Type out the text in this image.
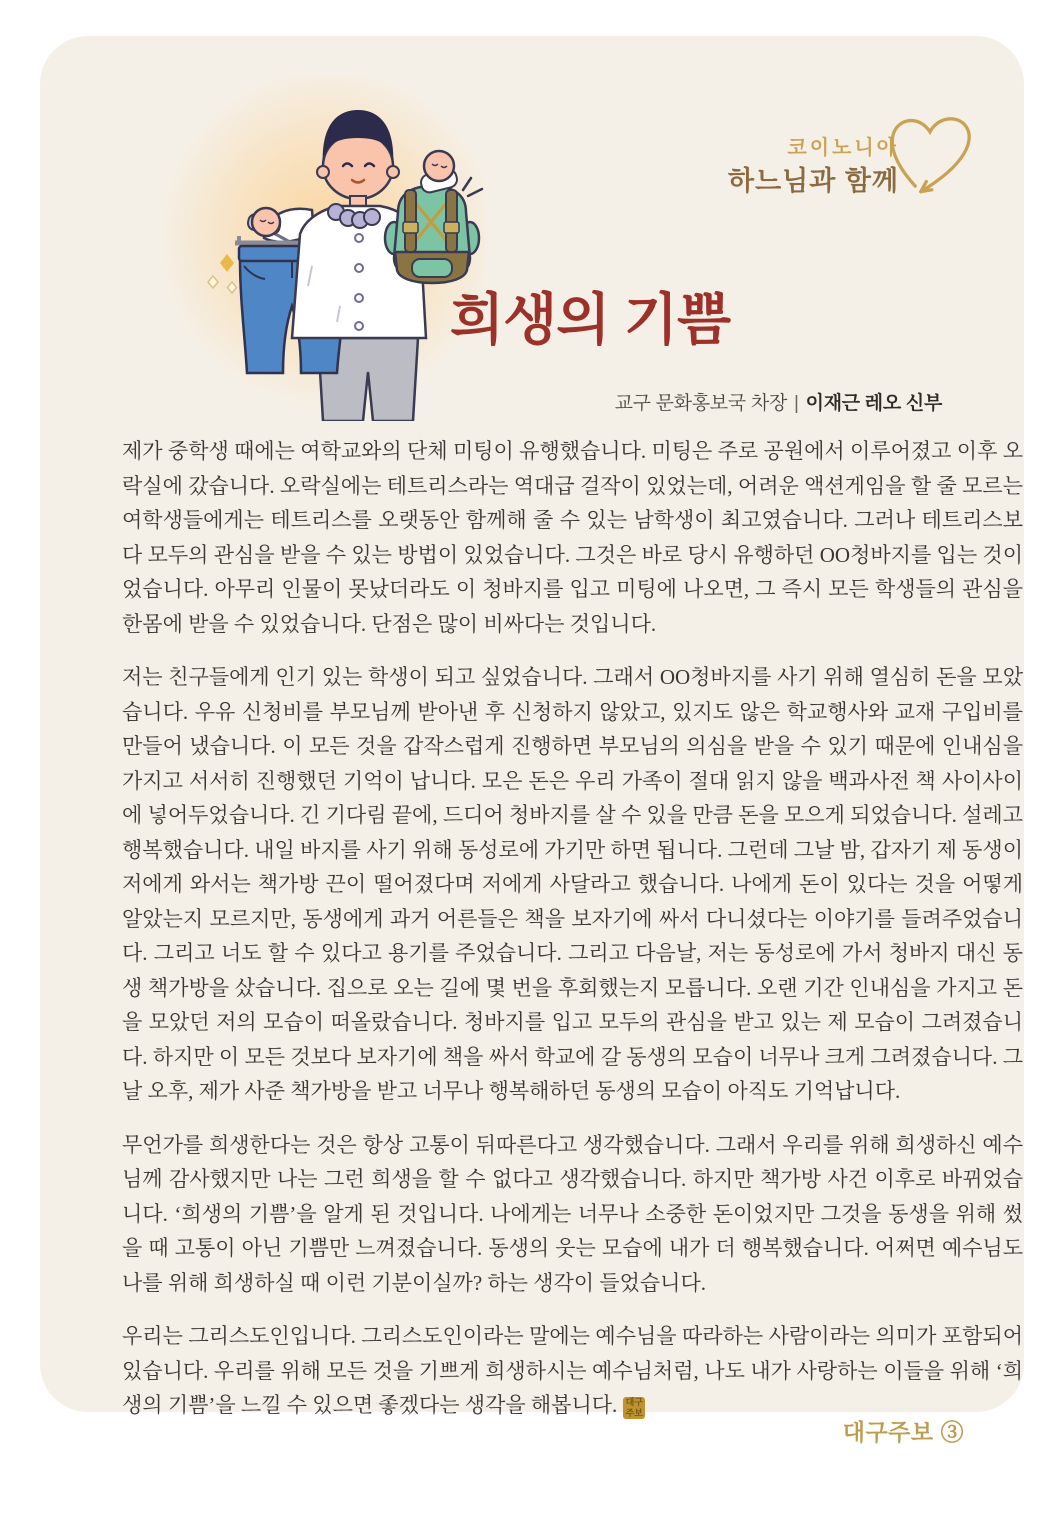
코이노니아
하느님과 함께
희생의 기쁨
교구 문화홍보국 차장 | 이재근 레오 신부

제가 중학생 때에는 여학교와의 단체 미팅이 유행했습니다. 미팅은 주로 공원에서 이루어졌고 이후 오락실에 갔습니다. 오락실에는 테트리스라는 역대급 걸작이 있었는데, 어려운 액션게임을 할 줄 모르는 여학생들에게는 테트리스를 오랫동안 함께해 줄 수 있는 남학생이 최고였습니다. 그러나 테트리스보다 모두의 관심을 받을 수 있는 방법이 있었습니다. 그것은 바로 당시 유행하던 OO청바지를 입는 것이었습니다. 아무리 인물이 못났더라도 이 청바지를 입고 미팅에 나오면, 그 즉시 모든 학생들의 관심을 한몸에 받을 수 있었습니다. 단점은 많이 비싸다는 것입니다.

저는 친구들에게 인기 있는 학생이 되고 싶었습니다. 그래서 OO청바지를 사기 위해 열심히 돈을 모았습니다. 우유 신청비를 부모님께 받아낸 후 신청하지 않았고, 있지도 않은 학교행사와 교재 구입비를 만들어 냈습니다. 이 모든 것을 갑작스럽게 진행하면 부모님의 의심을 받을 수 있기 때문에 인내심을 가지고 서서히 진행했던 기억이 납니다. 모은 돈은 우리 가족이 절대 읽지 않을 백과사전 책 사이사이에 넣어두었습니다. 긴 기다림 끝에, 드디어 청바지를 살 수 있을 만큼 돈을 모으게 되었습니다. 설레고 행복했습니다. 내일 바지를 사기 위해 동성로에 가기만 하면 됩니다. 그런데 그날 밤, 갑자기 제 동생이 저에게 와서는 책가방 끈이 떨어졌다며 저에게 사달라고 했습니다. 나에게 돈이 있다는 것을 어떻게 알았는지 모르지만, 동생에게 과거 어른들은 책을 보자기에 싸서 다니셨다는 이야기를 들려주었습니다. 그리고 너도 할 수 있다고 용기를 주었습니다. 그리고 다음날, 저는 동성로에 가서 청바지 대신 동생 책가방을 샀습니다. 집으로 오는 길에 몇 번을 후회했는지 모릅니다. 오랜 기간 인내심을 가지고 돈을 모았던 저의 모습이 떠올랐습니다. 청바지를 입고 모두의 관심을 받고 있는 제 모습이 그려졌습니다. 하지만 이 모든 것보다 보자기에 책을 싸서 학교에 갈 동생의 모습이 너무나 크게 그려졌습니다. 그날 오후, 제가 사준 책가방을 받고 너무나 행복해하던 동생의 모습이 아직도 기억납니다.

무언가를 희생한다는 것은 항상 고통이 뒤따른다고 생각했습니다. 그래서 우리를 위해 희생하신 예수님께 감사했지만 나는 그런 희생을 할 수 없다고 생각했습니다. 하지만 책가방 사건 이후로 바뀌었습니다. ‘희생의 기쁨’을 알게 된 것입니다. 나에게는 너무나 소중한 돈이었지만 그것을 동생을 위해 썼을 때 고통이 아닌 기쁨만 느껴졌습니다. 동생의 웃는 모습에 내가 더 행복했습니다. 어쩌면 예수님도 나를 위해 희생하실 때 이런 기분이실까? 하는 생각이 들었습니다.

우리는 그리스도인입니다. 그리스도인이라는 말에는 예수님을 따라하는 사람이라는 의미가 포함되어 있습니다. 우리를 위해 모든 것을 기쁘게 희생하시는 예수님처럼, 나도 내가 사랑하는 이들을 위해 ‘희생의 기쁨’을 느낄 수 있으면 좋겠다는 생각을 해봅니다. 대구
주보

대구주보 ③
